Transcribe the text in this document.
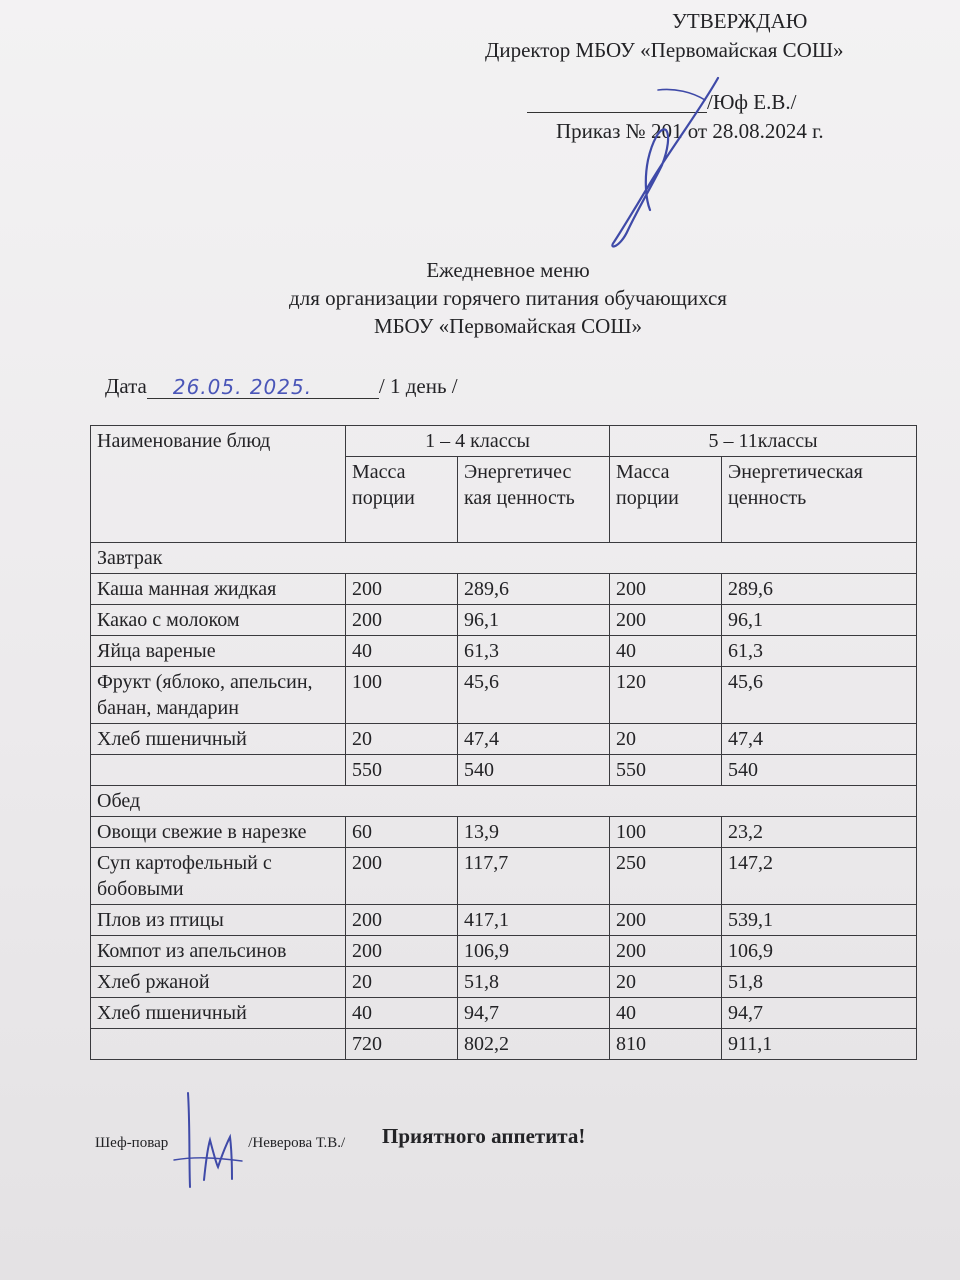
УТВЕРЖДАЮ
Директор МБОУ «Первомайская СОШ»
/Юф Е.В./
Приказ № 201 от 28.08.2024 г.
Ежедневное меню
для организации горячего питания обучающихся
МБОУ «Первомайская СОШ»
Дата 26.05. 2025.	/ 1 день /
Наименование блюд	1 – 4 классы		5 – 11классы	
	Масса порции	Энергетичес кая ценность	Масса порции	Энергетическая ценность
Завтрак				
Каша манная жидкая	200	289,6	200	289,6
Какао с молоком	200	96,1	200	96,1
Яйца вареные	40	61,3	40	61,3
Фрукт (яблоко, апельсин, банан, мандарин	100	45,6	120	45,6
Хлеб пшеничный	20	47,4	20	47,4
	550	540	550	540
Обед				
Овощи свежие в нарезке	60	13,9	100	23,2
Суп картофельный с бобовыми	200	117,7	250	147,2
Плов из птицы	200	417,1	200	539,1
Компот из апельсинов	200	106,9	200	106,9
Хлеб ржаной	20	51,8	20	51,8
Хлеб пшеничный	40	94,7	40	94,7
	720	802,2	810	911,1
Шеф-повар	/Неверова Т.В./ Приятного аппетита!
